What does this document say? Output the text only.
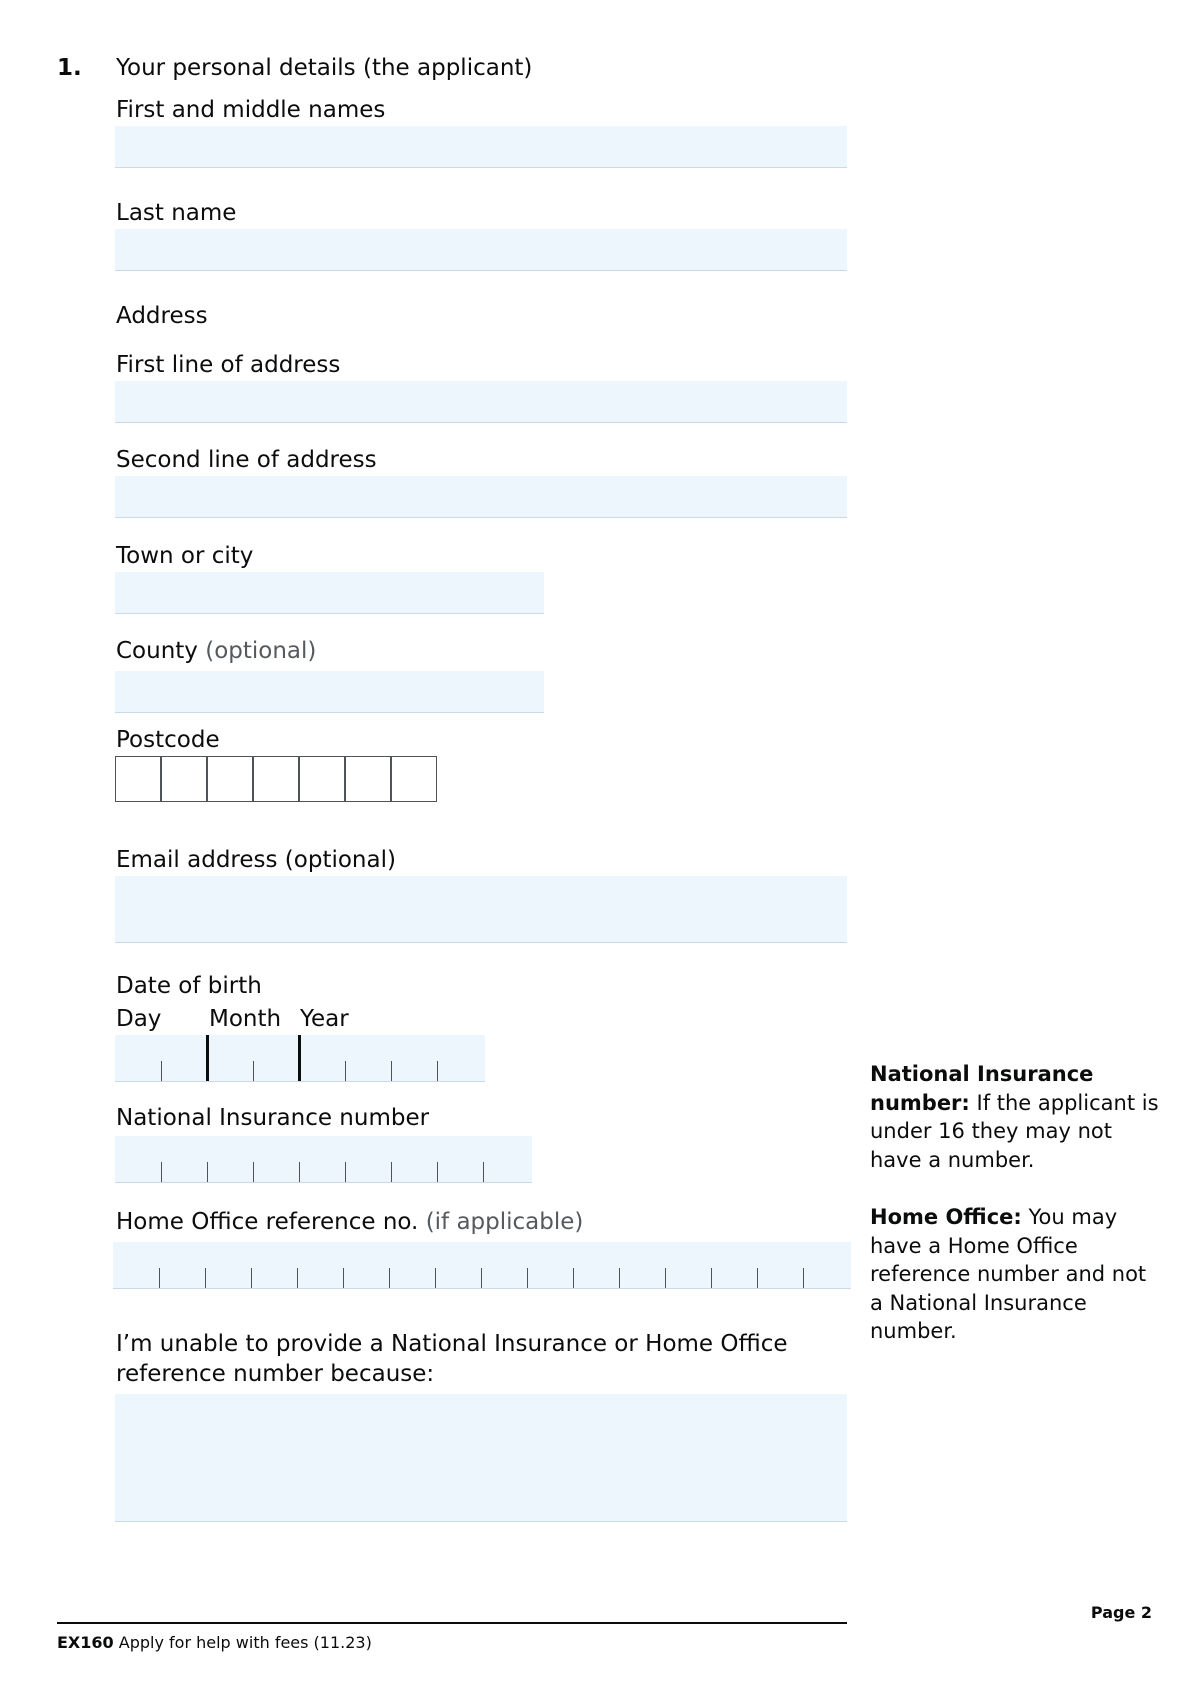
1. Your personal details (the applicant)
First and middle names
Last name
Address
First line of address
Second line of address
Town or city
County (optional)
Postcode
Email address (optional)
Date of birth
Day Month Year
National Insurance number
Home Office reference no. (if applicable)
I’m unable to provide a National Insurance or Home Office
reference number because:
National Insurance number: If the applicant is under 16 they may not have a number.
Home Office: You may have a Home Office reference number and not a National Insurance number.
Page 2
EX160 Apply for help with fees (11.23)
